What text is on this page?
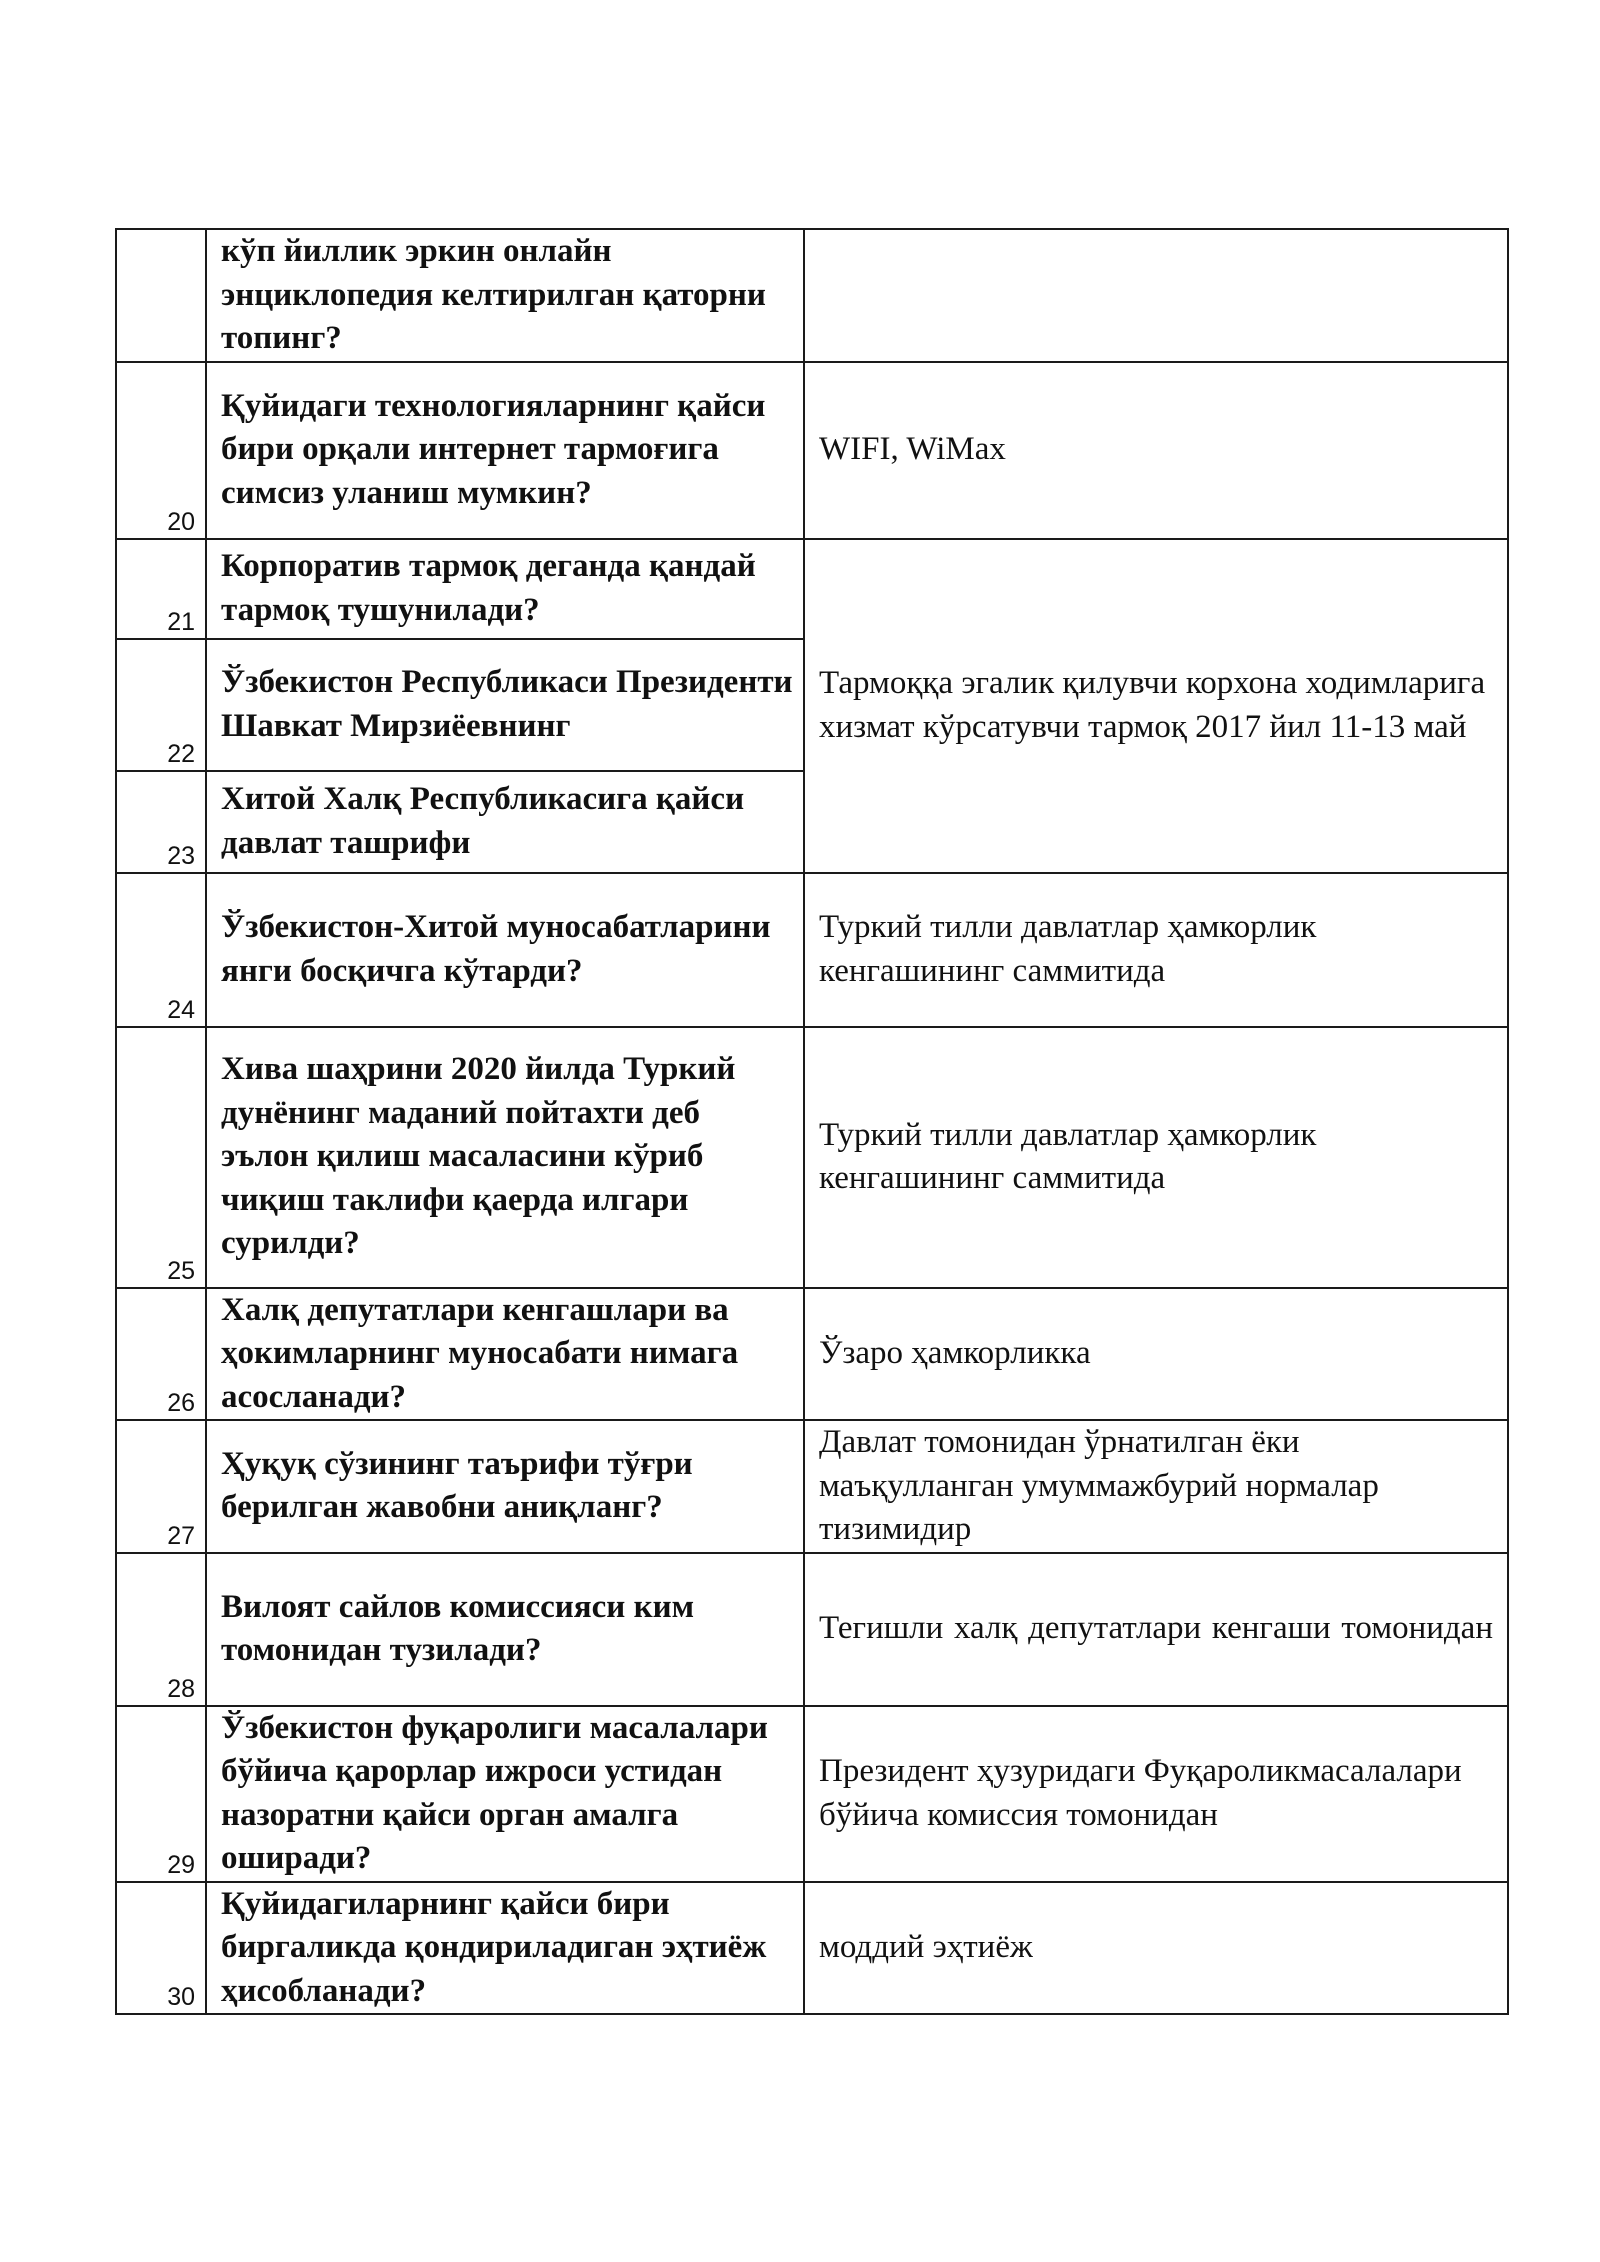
	кўп йиллик эркин онлайн энциклопедия келтирилган қаторни топинг?	
20	Қуйидаги технологияларнинг қайси бири орқали интернет тармоғига симсиз уланиш мумкин?	WIFI, WiMax
21	Корпоратив тармоқ деганда қандай тармоқ тушунилади?	Тармоққа эгалик қилувчи корхона ходимларига хизмат кўрсатувчи тармоқ 2017 йил 11-13 май
22	Ўзбекистон Республикаси Президенти Шавкат Мирзиёевнинг	
23	Хитой Халқ Республикасига қайси давлат ташрифи	
24	Ўзбекистон-Хитой муносабатларини янги босқичга кўтарди?	Туркий тилли давлатлар ҳамкорлик кенгашининг саммитида
25	Хива шаҳрини 2020 йилда Туркий дунёнинг маданий пойтахти деб эълон қилиш масаласини кўриб чиқиш таклифи қаерда илгари сурилди?	Туркий тилли давлатлар ҳамкорлик кенгашининг саммитида
26	Халқ депутатлари кенгашлари ва ҳокимларнинг муносабати нимага асосланади?	Ўзаро ҳамкорликка
27	Ҳуқуқ сўзининг таърифи тўғри берилган жавобни аниқланг?	Давлат томонидан ўрнатилган ёки маъқулланган умуммажбурий нормалар тизимидир
28	Вилоят сайлов комиссияси ким томонидан тузилади?	Тегишли халқ депутатлари кенгаши томонидан
29	Ўзбекистон фуқаролиги масалалари бўйича қарорлар ижроси устидан назоратни қайси орган амалга оширади?	Президент ҳузуридаги Фуқароликмасалалари бўйича комиссия томонидан
30	Қуйидагиларнинг қайси бири биргаликда қондириладиган эҳтиёж ҳисобланади?	моддий эҳтиёж
